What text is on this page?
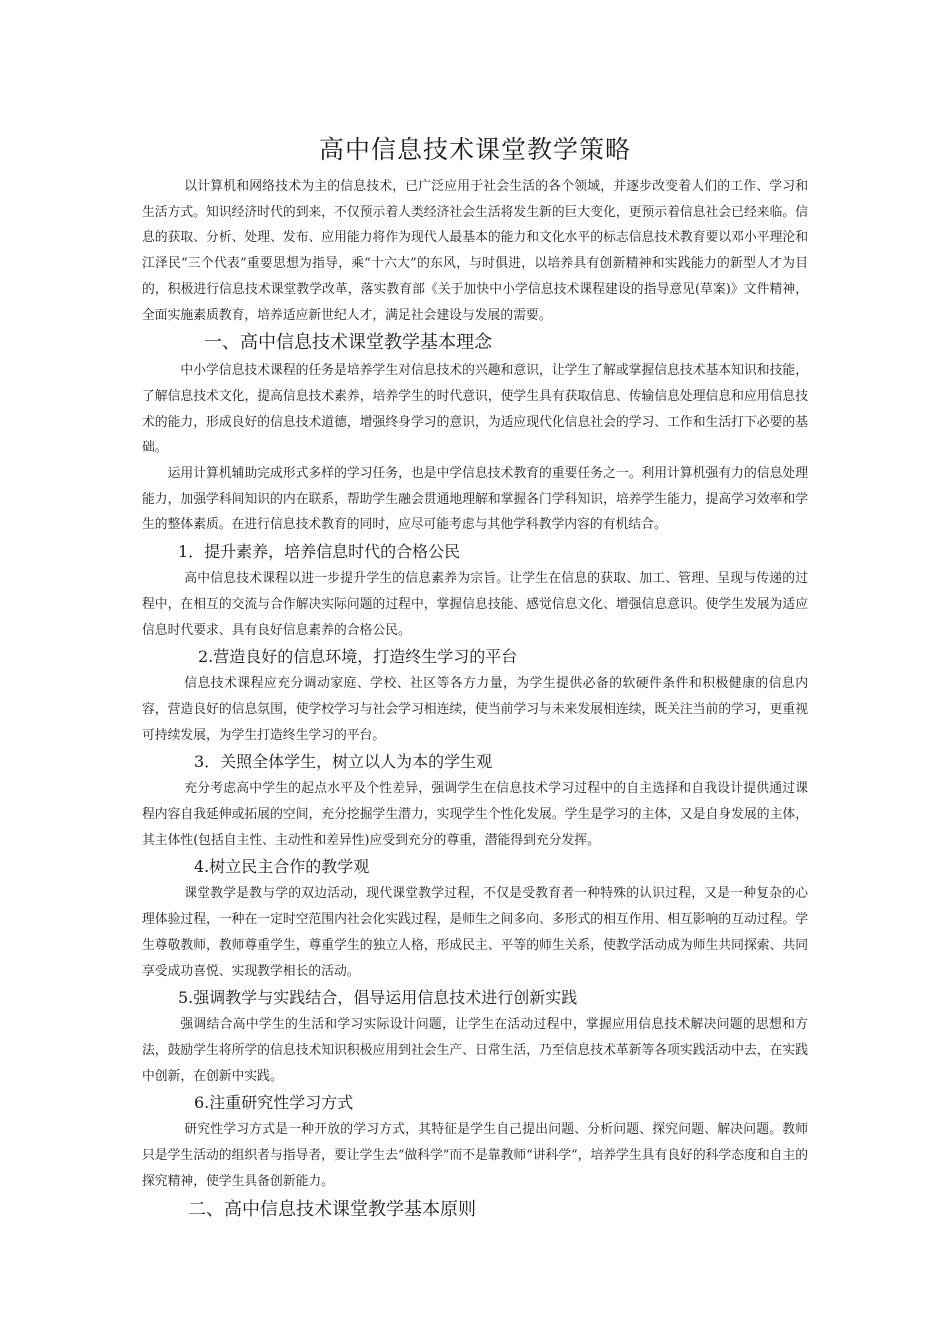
高中信息技术课堂教学策略

以计算机和网络技术为主的信息技术，已广泛应用于社会生活的各个领域，并逐步改变着人们的工作、学习和生活方式。知识经济时代的到来，不仅预示着人类经济社会生活将发生新的巨大变化，更预示着信息社会已经来临。信息的获取、分析、处理、发布、应用能力将作为现代人最基本的能力和文化水平的标志信息技术教育要以邓小平理沦和江泽民“三个代表”重要思想为指导，乘“十六大”的东风，与时俱进，以培养具有创新精神和实践能力的新型人才为目的，积极进行信息技术课堂教学改革，落实教育部《关于加快中小学信息技术课程建设的指导意见(草案)》文件精神，全面实施素质教育，培养适应新世纪人才，满足社会建设与发展的需要。

一、高中信息技术课堂教学基本理念

中小学信息技术课程的任务是培养学生对信息技术的兴趣和意识，让学生了解或掌握信息技术基本知识和技能，了解信息技术文化，提高信息技术素养，培养学生的时代意识，使学生具有获取信息、传输信息处理信息和应用信息技术的能力，形成良好的信息技术道德，增强终身学习的意识，为适应现代化信息社会的学习、工作和生活打下必要的基础。

运用计算机辅助完成形式多样的学习任务，也是中学信息技术教育的重要任务之一。利用计算机强有力的信息处理能力，加强学科间知识的内在联系，帮助学生融会贯通地理解和掌握各门学科知识，培养学生能力，提高学习效率和学生的整体素质。在进行信息技术教育的同时，应尽可能考虑与其他学科教学内容的有机结合。

1．提升素养，培养信息时代的合格公民

高中信息技术课程以进一步提升学生的信息素养为宗旨。让学生在信息的获取、加工、管理、呈现与传递的过程中，在相互的交流与合作解决实际问题的过程中，掌握信息技能、感觉信息文化、增强信息意识。使学生发展为适应信息时代要求、具有良好信息素养的合格公民。

2.营造良好的信息环境，打造终生学习的平台

信息技术课程应充分调动家庭、学校、社区等各方力量，为学生提供必备的软硬件条件和积极健康的信息内容，营造良好的信息氛围，使学校学习与社会学习相连续，使当前学习与未来发展相连续，既关注当前的学习，更重视可持续发展，为学生打造终生学习的平台。

3．关照全体学生，树立以人为本的学生观

充分考虑高中学生的起点水平及个性差异，强调学生在信息技术学习过程中的自主选择和自我设计提供通过课程内容自我延伸或拓展的空间，充分挖掘学生潜力，实现学生个性化发展。学生是学习的主体，又是自身发展的主体，其主体性(包括自主性、主动性和差异性)应受到充分的尊重，潜能得到充分发挥。

4.树立民主合作的教学观

课堂教学是教与学的双边活动，现代课堂教学过程，不仅是受教育者一种特殊的认识过程，又是一种复杂的心理体验过程，一种在一定时空范围内社会化实践过程，是师生之间多向、多形式的相互作用、相互影响的互动过程。学生尊敬教师，教师尊重学生，尊重学生的独立人格，形成民主、平等的师生关系，使教学活动成为师生共同探索、共同享受成功喜悦、实现教学相长的活动。

5.强调教学与实践结合，倡导运用信息技术进行创新实践

强调结合高中学生的生活和学习实际设计问题，让学生在活动过程中，掌握应用信息技术解决问题的思想和方法，鼓励学生将所学的信息技术知识积极应用到社会生产、日常生活，乃至信息技术革新等各项实践活动中去，在实践中创新，在创新中实践。

6.注重研究性学习方式

研究性学习方式是一种开放的学习方式，其特征是学生自己提出问题、分析问题、探究问题、解决问题。教师只是学生活动的组织者与指导者，要让学生去“做科学”而不是靠教师“讲科学”，培养学生具有良好的科学态度和自主的探究精神，使学生具备创新能力。

二、高中信息技术课堂教学基本原则
